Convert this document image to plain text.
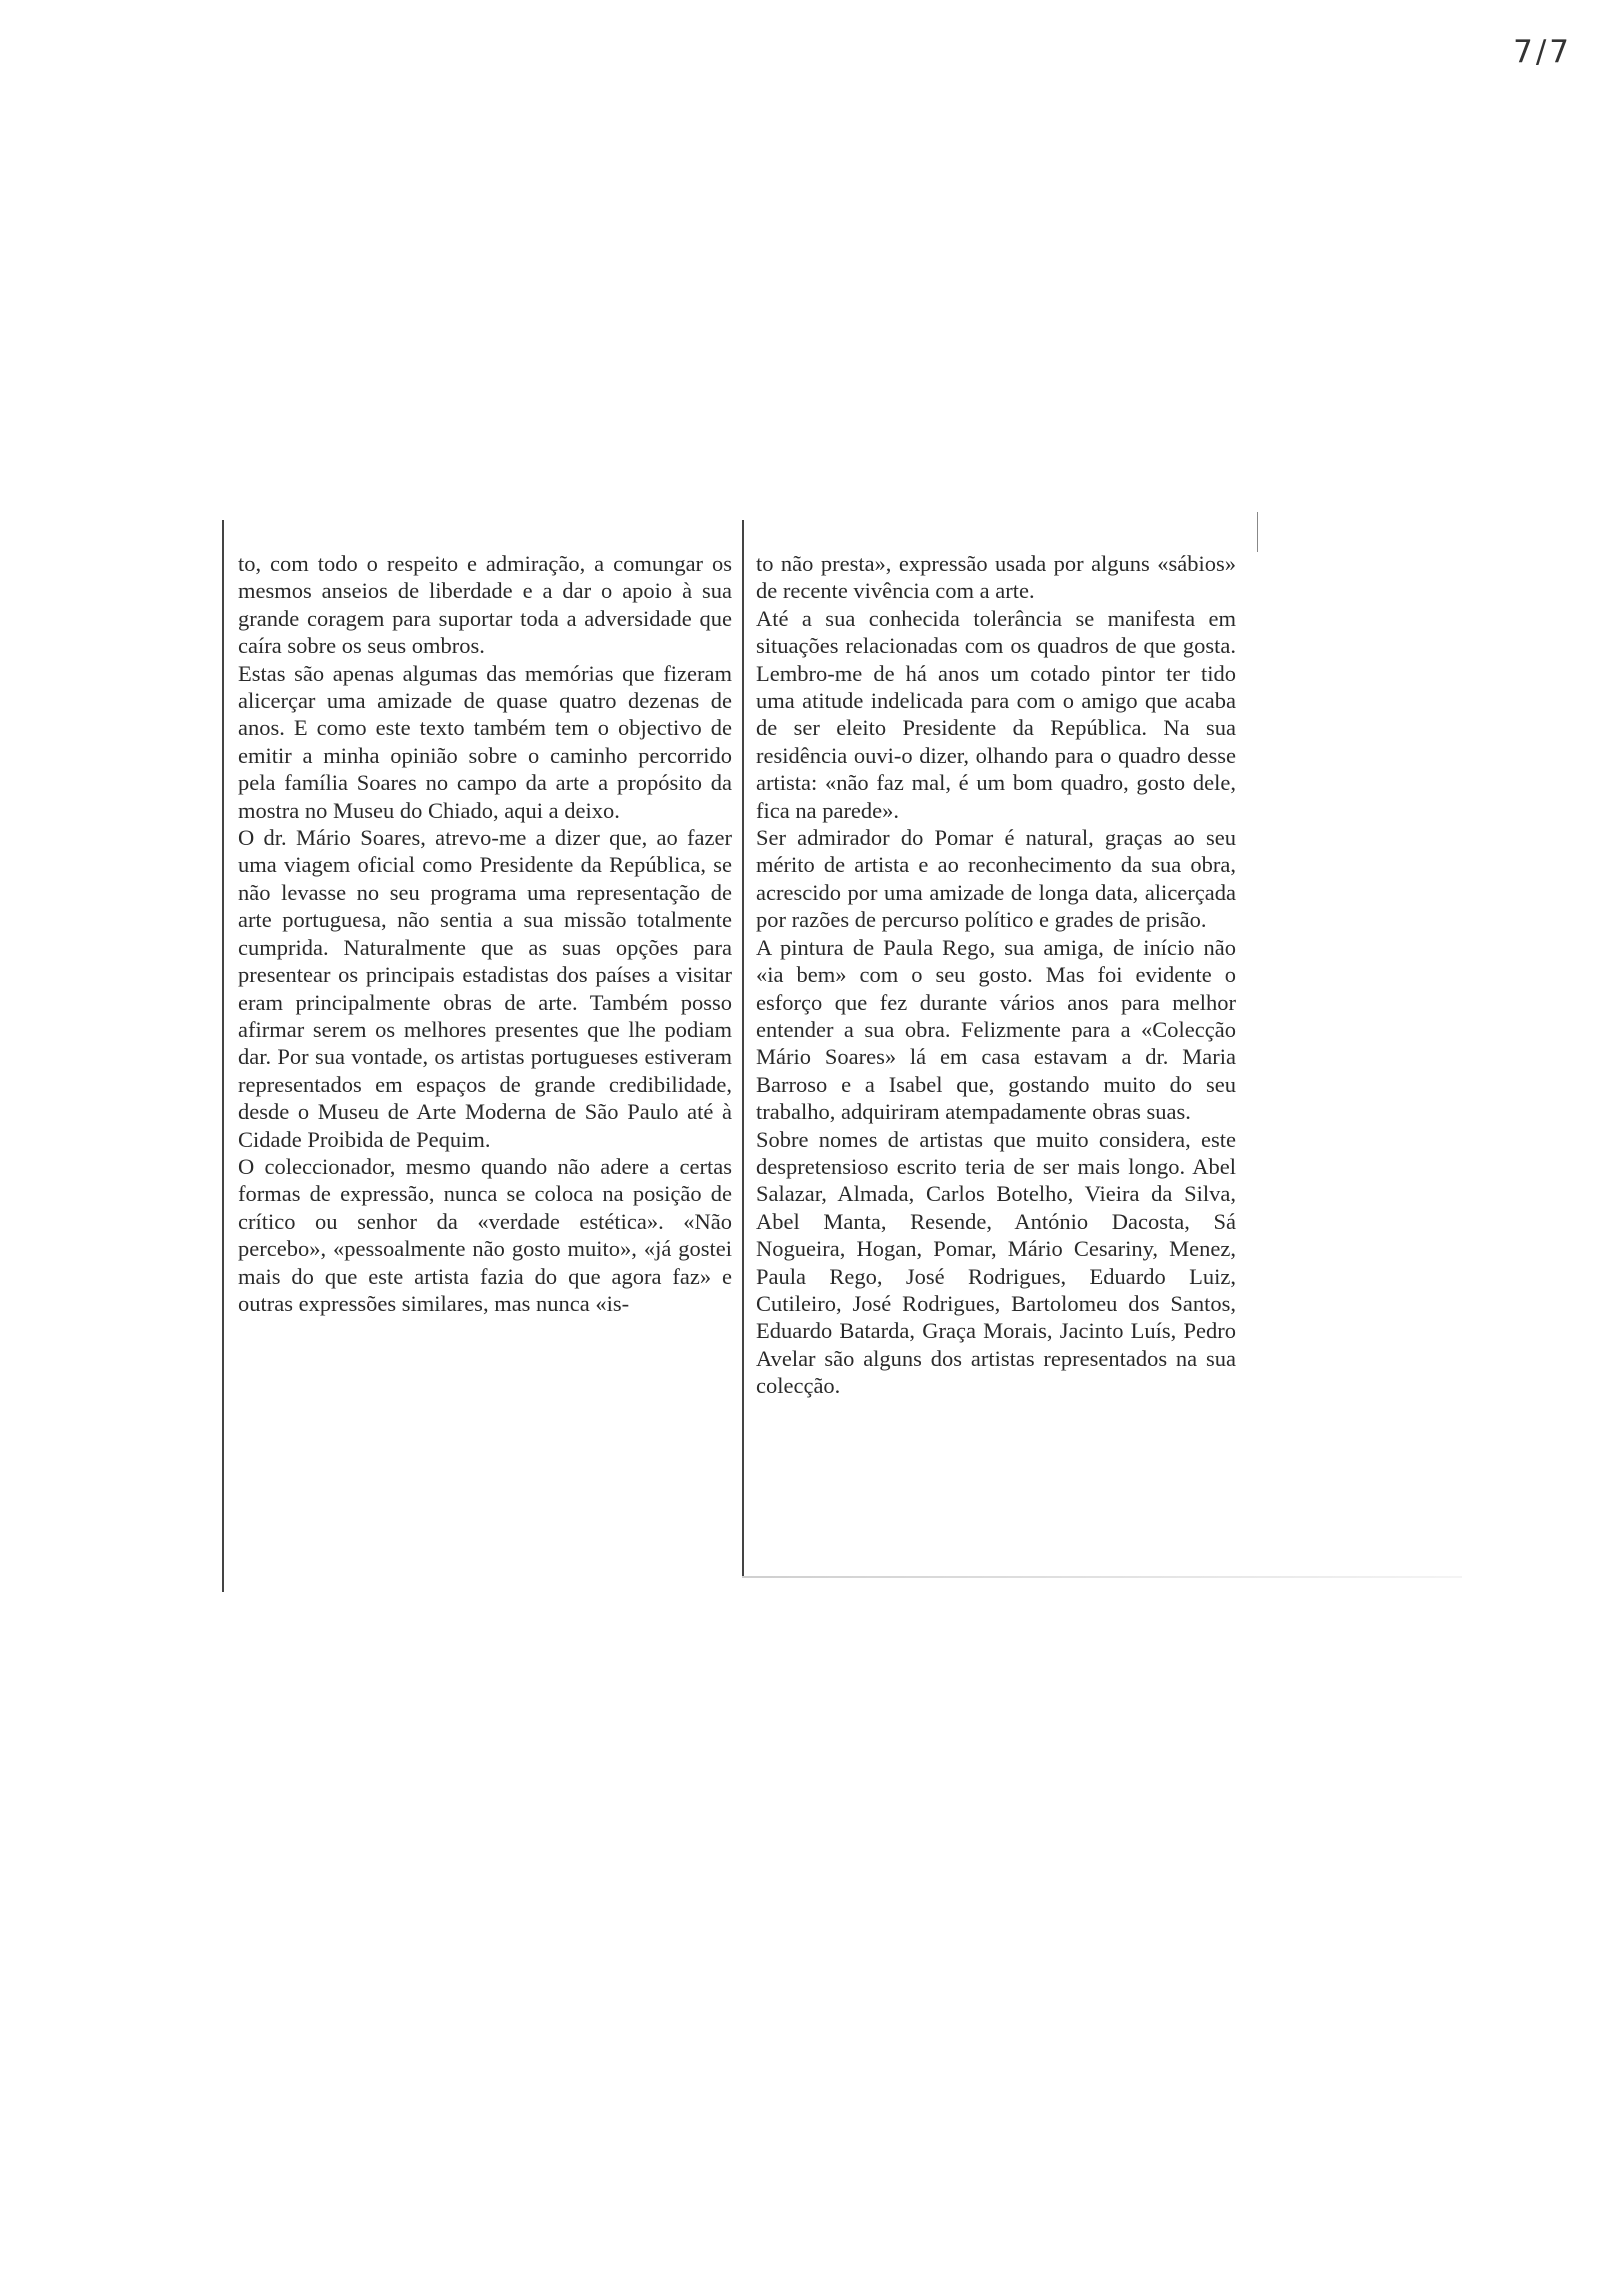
7/7

to, com todo o respeito e admiração, a comungar os mesmos anseios de liberdade e a dar o apoio à sua grande coragem para suportar toda a adversidade que caíra sobre os seus ombros.

Estas são apenas algumas das memórias que fizeram alicerçar uma amizade de quase quatro dezenas de anos. E como este texto também tem o objectivo de emitir a minha opinião sobre o caminho percorrido pela família Soares no campo da arte a propósito da mostra no Museu do Chiado, aqui a deixo.

O dr. Mário Soares, atrevo-me a dizer que, ao fazer uma viagem oficial como Presidente da República, se não levasse no seu programa uma representação de arte portuguesa, não sentia a sua missão totalmente cumprida. Naturalmente que as suas opções para presentear os principais estadistas dos países a visitar eram principalmente obras de arte. Também posso afirmar serem os melhores presentes que lhe podiam dar. Por sua vontade, os artistas portugueses estiveram representados em espaços de grande credibilidade, desde o Museu de Arte Moderna de São Paulo até à Cidade Proibida de Pequim.

O coleccionador, mesmo quando não adere a certas formas de expressão, nunca se coloca na posição de crítico ou senhor da «verdade estética». «Não percebo», «pessoalmente não gosto muito», «já gostei mais do que este artista fazia do que agora faz» e outras expressões similares, mas nunca «is-

to não presta», expressão usada por alguns «sábios» de recente vivência com a arte.

Até a sua conhecida tolerância se manifesta em situações relacionadas com os quadros de que gosta. Lembro-me de há anos um cotado pintor ter tido uma atitude indelicada para com o amigo que acaba de ser eleito Presidente da República. Na sua residência ouvi-o dizer, olhando para o quadro desse artista: «não faz mal, é um bom quadro, gosto dele, fica na parede».

Ser admirador do Pomar é natural, graças ao seu mérito de artista e ao reconhecimento da sua obra, acrescido por uma amizade de longa data, alicerçada por razões de percurso político e grades de prisão.

A pintura de Paula Rego, sua amiga, de início não «ia bem» com o seu gosto. Mas foi evidente o esforço que fez durante vários anos para melhor entender a sua obra. Felizmente para a «Colecção Mário Soares» lá em casa estavam a dr. Maria Barroso e a Isabel que, gostando muito do seu trabalho, adquiriram atempadamente obras suas.

Sobre nomes de artistas que muito considera, este despretensioso escrito teria de ser mais longo. Abel Salazar, Almada, Carlos Botelho, Vieira da Silva, Abel Manta, Resende, António Dacosta, Sá Nogueira, Hogan, Pomar, Mário Cesariny, Menez, Paula Rego, José Rodrigues, Eduardo Luiz, Cutileiro, José Rodrigues, Bartolomeu dos Santos, Eduardo Batarda, Graça Morais, Jacinto Luís, Pedro Avelar são alguns dos artistas representados na sua colecção.
